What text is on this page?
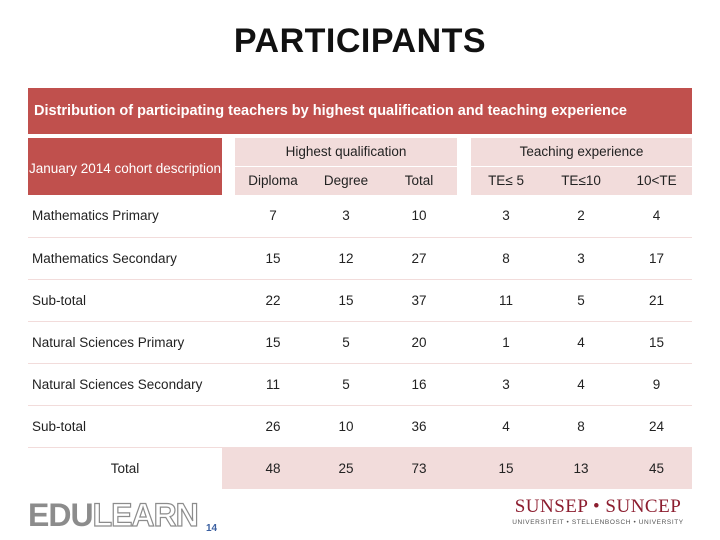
PARTICIPANTS
Distribution of participating teachers by highest qualification and teaching experience
January 2014 cohort description		Highest qualification				Teaching experience		
		Diploma	Degree	Total		TE≤ 5	TE≤10	10<TE
Mathematics Primary		7	3	10		3	2	4
Mathematics Secondary		15	12	27		8	3	17
Sub-total		22	15	37		11	5	21
Natural Sciences Primary		15	5	20		1	4	15
Natural Sciences Secondary		11	5	16		3	4	9
Sub-total		26	10	36		4	8	24
Total		48	25	73		15	13	45
EDULEARN 14
SUNSEP • SUNCEP
UNIVERSITEIT • STELLENBOSCH • UNIVERSITY
